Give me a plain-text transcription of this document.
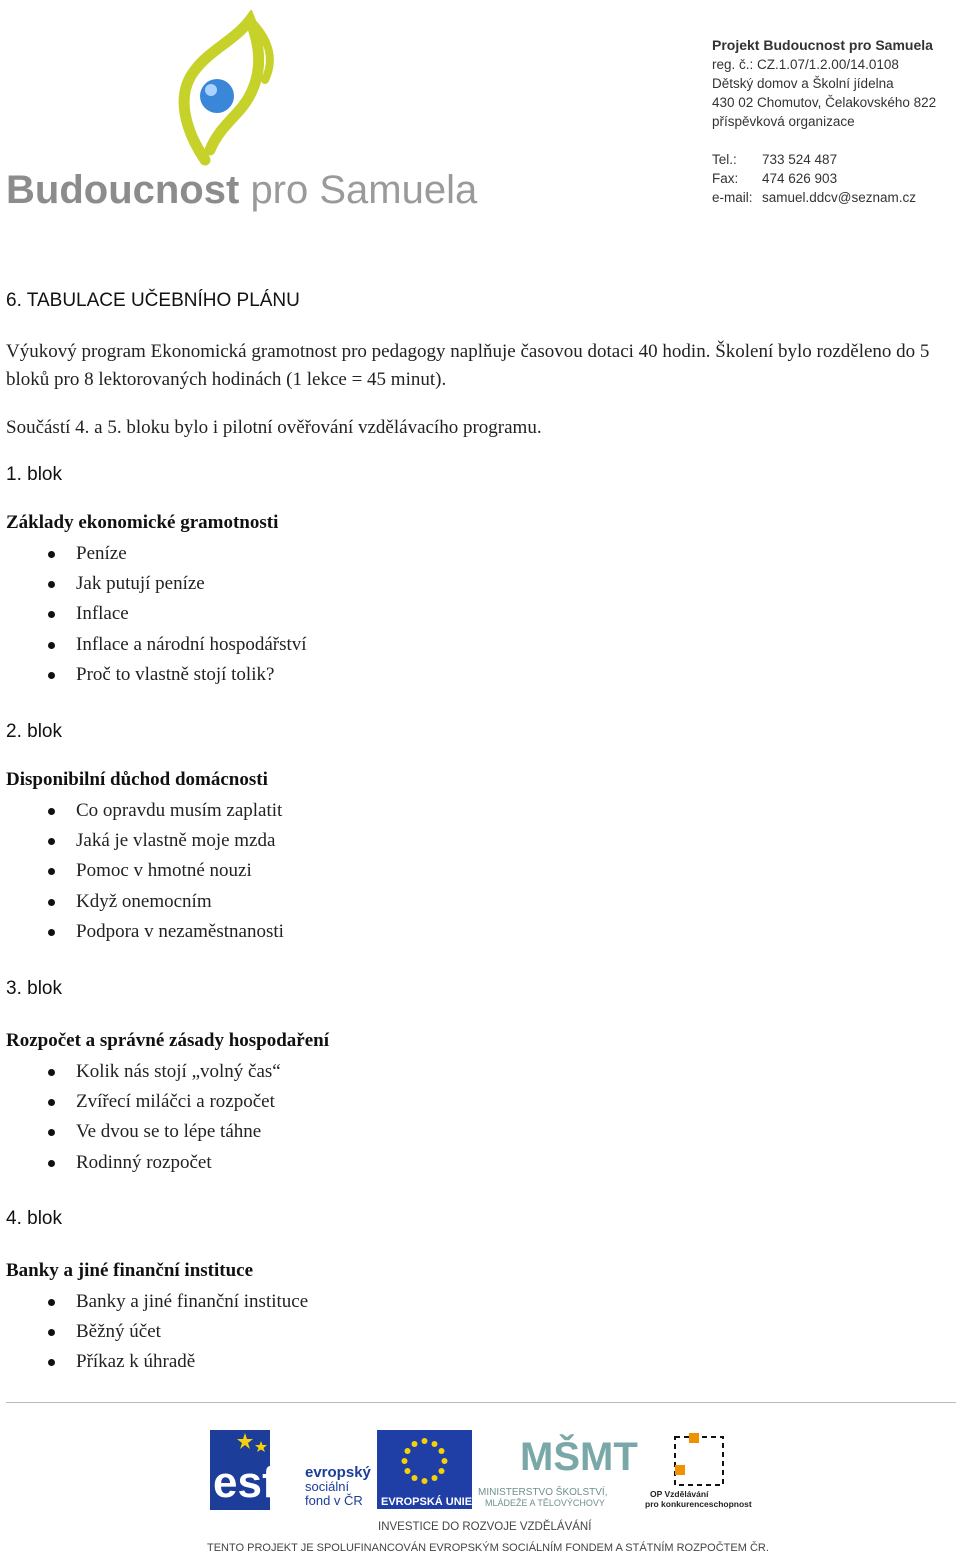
Budoucnost pro Samuela
Projekt Budoucnost pro Samuela
reg. č.: CZ.1.07/1.2.00/14.0108
Dětský domov a Školní jídelna
430 02 Chomutov, Čelakovského 822
příspěvková organizace
Tel.: 733 524 487
Fax: 474 626 903
e-mail: samuel.ddcv@seznam.cz
6. TABULACE UČEBNÍHO PLÁNU
Výukový program Ekonomická gramotnost pro pedagogy naplňuje časovou dotaci 40 hodin. Školení bylo rozděleno do 5 bloků pro 8 lektorovaných hodinách (1 lekce = 45 minut).
Součástí 4. a 5. bloku bylo i pilotní ověřování vzdělávacího programu.
1. blok
Základy ekonomické gramotnosti
Peníze
Jak putují peníze
Inflace
Inflace a národní hospodářství
Proč to vlastně stojí tolik?
2. blok
Disponibilní důchod domácnosti
Co opravdu musím zaplatit
Jaká je vlastně moje mzda
Pomoc v hmotné nouzi
Když onemocním
Podpora v nezaměstnanosti
3. blok
Rozpočet a správné zásady hospodaření
Kolik nás stojí „volný čas“
Zvířecí miláčci a rozpočet
Ve dvou se to lépe táhne
Rodinný rozpočet
4. blok
Banky a jiné finanční instituce
Banky a jiné finanční instituce
Běžný účet
Příkaz k úhradě
esf evropský
sociální
fond v ČR EVROPSKÁ UNIE
MŠMT
MINISTERSTVO ŠKOLSTVÍ,
MLÁDEŽE A TĚLOVÝCHOVY
OP Vzdělávání
pro konkurenceschopnost
INVESTICE DO ROZVOJE VZDĚLÁVÁNÍ
TENTO PROJEKT JE SPOLUFINANCOVÁN EVROPSKÝM SOCIÁLNÍM FONDEM A STÁTNÍM ROZPOČTEM ČR.
